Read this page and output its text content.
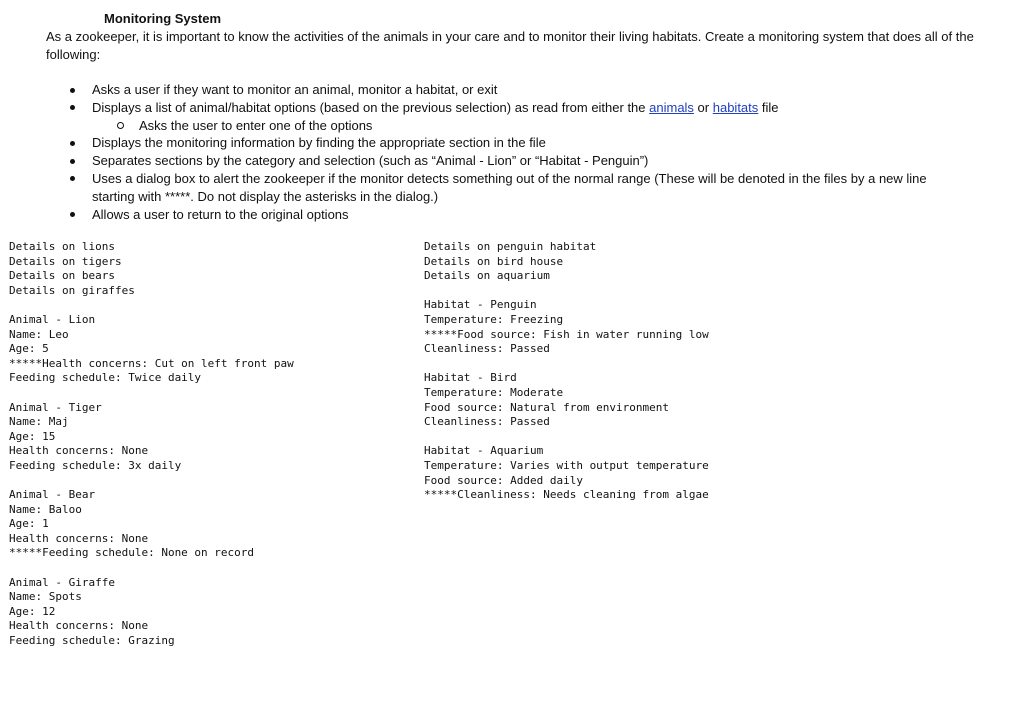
Monitoring System

As a zookeeper, it is important to know the activities of the animals in your care and to monitor their living habitats. Create a monitoring system that does all of the following:

Asks a user if they want to monitor an animal, monitor a habitat, or exit
Displays a list of animal/habitat options (based on the previous selection) as read from either the animals or habitats file
Asks the user to enter one of the options
Displays the monitoring information by finding the appropriate section in the file
Separates sections by the category and selection (such as “Animal - Lion” or “Habitat - Penguin”)
Uses a dialog box to alert the zookeeper if the monitor detects something out of the normal range (These will be denoted in the files by a new line starting with *****. Do not display the asterisks in the dialog.)
Allows a user to return to the original options
Details on lions
Details on tigers
Details on bears
Details on giraffes
Animal - Lion
Name: Leo
Age: 5
*****Health concerns: Cut on left front paw
Feeding schedule: Twice daily
Animal - Tiger
Name: Maj
Age: 15
Health concerns: None
Feeding schedule: 3x daily
Animal - Bear
Name: Baloo
Age: 1
Health concerns: None
*****Feeding schedule: None on record
Animal - Giraffe
Name: Spots
Age: 12
Health concerns: None
Feeding schedule: Grazing
Details on penguin habitat
Details on bird house
Details on aquarium
Habitat - Penguin
Temperature: Freezing
*****Food source: Fish in water running low
Cleanliness: Passed
Habitat - Bird
Temperature: Moderate
Food source: Natural from environment
Cleanliness: Passed
Habitat - Aquarium
Temperature: Varies with output temperature
Food source: Added daily
*****Cleanliness: Needs cleaning from algae
